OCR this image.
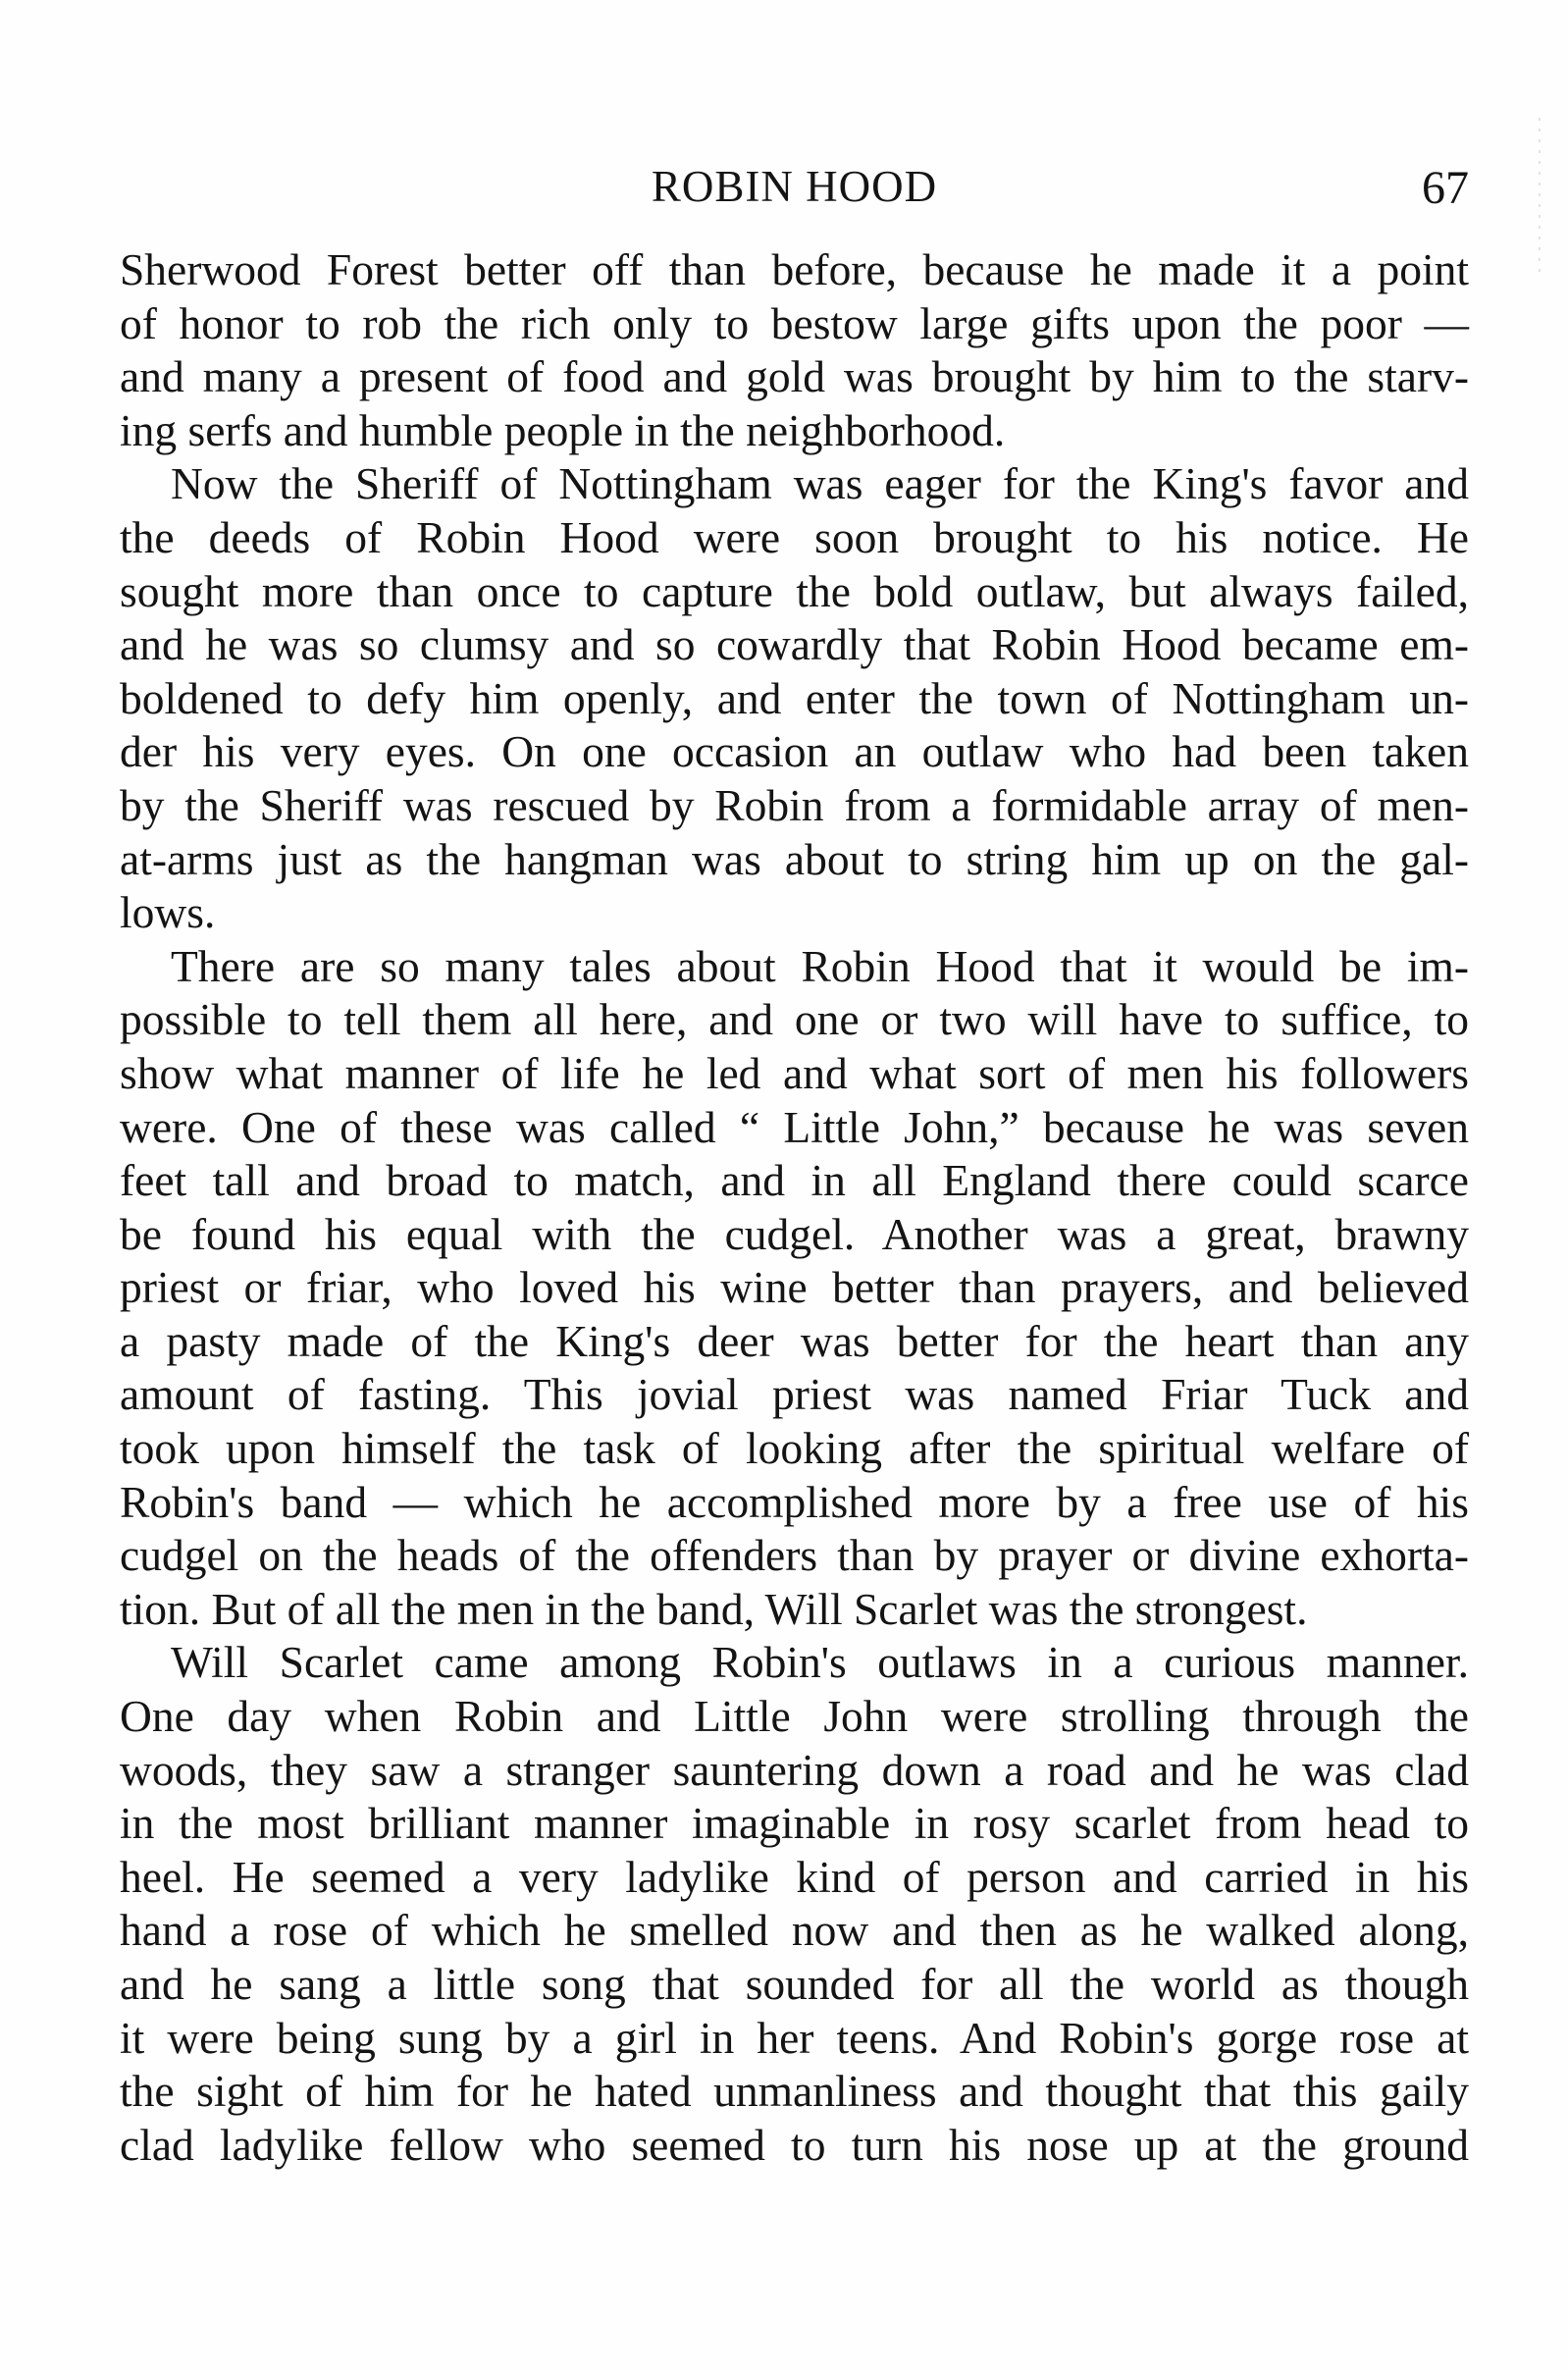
ROBIN HOOD	67
Sherwood Forest better off than before, because he made it a point
of honor to rob the rich only to bestow large gifts upon the poor —
and many a present of food and gold was brought by him to the starv-
ing serfs and humble people in the neighborhood.
Now the Sheriff of Nottingham was eager for the King's favor and
the deeds of Robin Hood were soon brought to his notice. He
sought more than once to capture the bold outlaw, but always failed,
and he was so clumsy and so cowardly that Robin Hood became em-
boldened to defy him openly, and enter the town of Nottingham un-
der his very eyes. On one occasion an outlaw who had been taken
by the Sheriff was rescued by Robin from a formidable array of men-
at-arms just as the hangman was about to string him up on the gal-
lows.
There are so many tales about Robin Hood that it would be im-
possible to tell them all here, and one or two will have to suffice, to
show what manner of life he led and what sort of men his followers
were. One of these was called “ Little John,” because he was seven
feet tall and broad to match, and in all England there could scarce
be found his equal with the cudgel. Another was a great, brawny
priest or friar, who loved his wine better than prayers, and believed
a pasty made of the King's deer was better for the heart than any
amount of fasting. This jovial priest was named Friar Tuck and
took upon himself the task of looking after the spiritual welfare of
Robin's band — which he accomplished more by a free use of his
cudgel on the heads of the offenders than by prayer or divine exhorta-
tion. But of all the men in the band, Will Scarlet was the strongest.
Will Scarlet came among Robin's outlaws in a curious manner.
One day when Robin and Little John were strolling through the
woods, they saw a stranger sauntering down a road and he was clad
in the most brilliant manner imaginable in rosy scarlet from head to
heel. He seemed a very ladylike kind of person and carried in his
hand a rose of which he smelled now and then as he walked along,
and he sang a little song that sounded for all the world as though
it were being sung by a girl in her teens. And Robin's gorge rose at
the sight of him for he hated unmanliness and thought that this gaily
clad ladylike fellow who seemed to turn his nose up at the ground
